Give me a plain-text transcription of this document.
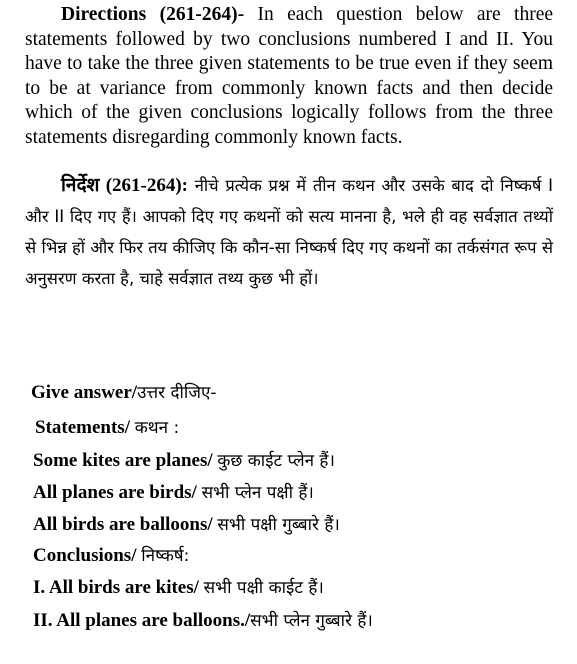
Directions (261-264)- In each question below are three statements followed by two conclusions numbered I and II. You have to take the three given statements to be true even if they seem to be at variance from commonly known facts and then decide which of the given conclusions logically follows from the three statements disregarding commonly known facts.

निर्देश (261-264): नीचे प्रत्येक प्रश्न में तीन कथन और उसके बाद दो निष्कर्ष I और II दिए गए हैं। आपको दिए गए कथनों को सत्य मानना है, भले ही वह सर्वज्ञात तथ्यों से भिन्न हों और फिर तय कीजिए कि कौन-सा निष्कर्ष दिए गए कथनों का तर्कसंगत रूप से अनुसरण करता है, चाहे सर्वज्ञात तथ्य कुछ भी हों।

Give answer/उत्तर दीजिए-
Statements/ कथन :
Some kites are planes/ कुछ काईट प्लेन हैं।
All planes are birds/ सभी प्लेन पक्षी हैं।
All birds are balloons/ सभी पक्षी गुब्बारे हैं।
Conclusions/ निष्कर्ष:
I. All birds are kites/ सभी पक्षी काईट हैं।
II. All planes are balloons./सभी प्लेन गुब्बारे हैं।
